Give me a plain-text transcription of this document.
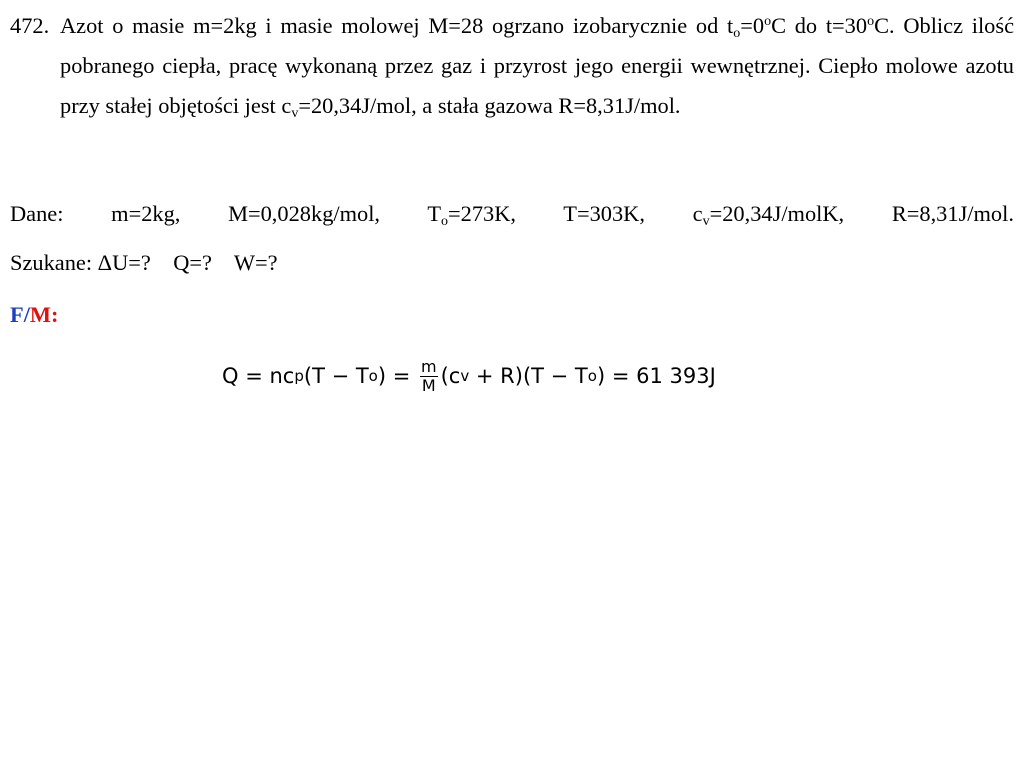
472. Azot o masie m=2kg i masie molowej M=28 ogrzano izobarycznie od $t_o=0^oC$ do $t=30^oC$. Oblicz ilość pobranego ciepła, pracę wykonaną przez gaz i przyrost jego energii wewnętrznej. Ciepło molowe azotu przy stałej objętości jest $c_v=20,34J$/mol, a stała gazowa R=8,31J/mol.
Dane: m=2kg, M=0,028kg/mol, $T_o=273K$, T=303K, $c_v=20,34J$/molK, R=8,31J/mol.
Szukane: ΔU=?    Q=?    W=?
F/M:
Q = nc p (T − T o ) = $\frac{m}{M} (c$ v + R)(T − T o ) = 61 393J
